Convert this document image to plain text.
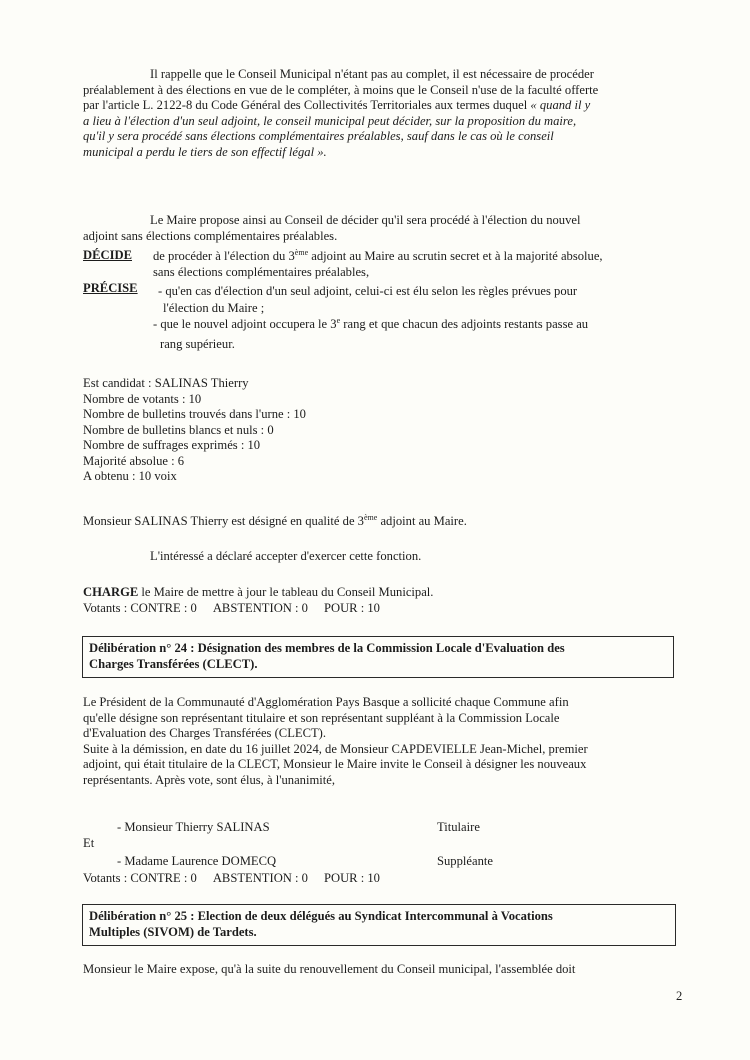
Il rappelle que le Conseil Municipal n'étant pas au complet, il est nécessaire de procéder
préalablement à des élections en vue de le compléter, à moins que le Conseil n'use de la faculté offerte
par l'article L. 2122-8 du Code Général des Collectivités Territoriales aux termes duquel « quand il y
a lieu à l'élection d'un seul adjoint, le conseil municipal peut décider, sur la proposition du maire,
qu'il y sera procédé sans élections complémentaires préalables, sauf dans le cas où le conseil
municipal a perdu le tiers de son effectif légal ».
Le Maire propose ainsi au Conseil de décider qu'il sera procédé à l'élection du nouvel
adjoint sans élections complémentaires préalables.
DÉCIDE de procéder à l'élection du 3ème adjoint au Maire au scrutin secret et à la majorité absolue,
sans élections complémentaires préalables,
PRÉCISE	- qu'en cas d'élection d'un seul adjoint, celui-ci est élu selon les règles prévues pour
l'élection du Maire ;
- que le nouvel adjoint occupera le 3e rang et que chacun des adjoints restants passe au
rang supérieur.
Est candidat : SALINAS Thierry
Nombre de votants : 10
Nombre de bulletins trouvés dans l'urne : 10
Nombre de bulletins blancs et nuls : 0
Nombre de suffrages exprimés : 10
Majorité absolue : 6
A obtenu : 10 voix
Monsieur SALINAS Thierry est désigné en qualité de 3ème adjoint au Maire.
L'intéressé a déclaré accepter d'exercer cette fonction.
CHARGE le Maire de mettre à jour le tableau du Conseil Municipal.
Votants : CONTRE : 0 ABSTENTION : 0 POUR : 10
Délibération n° 24 : Désignation des membres de la Commission Locale d'Evaluation des
Charges Transférées (CLECT).
Le Président de la Communauté d'Agglomération Pays Basque a sollicité chaque Commune afin
qu'elle désigne son représentant titulaire et son représentant suppléant à la Commission Locale
d'Evaluation des Charges Transférées (CLECT).
Suite à la démission, en date du 16 juillet 2024, de Monsieur CAPDEVIELLE Jean-Michel, premier
adjoint, qui était titulaire de la CLECT, Monsieur le Maire invite le Conseil à désigner les nouveaux
représentants. Après vote, sont élus, à l'unanimité,
- Monsieur Thierry SALINAS	Titulaire
Et
- Madame Laurence DOMECQ	Suppléante
Votants : CONTRE : 0 ABSTENTION : 0 POUR : 10
Délibération n° 25 : Election de deux délégués au Syndicat Intercommunal à Vocations
Multiples (SIVOM) de Tardets.
Monsieur le Maire expose, qu'à la suite du renouvellement du Conseil municipal, l'assemblée doit
2
